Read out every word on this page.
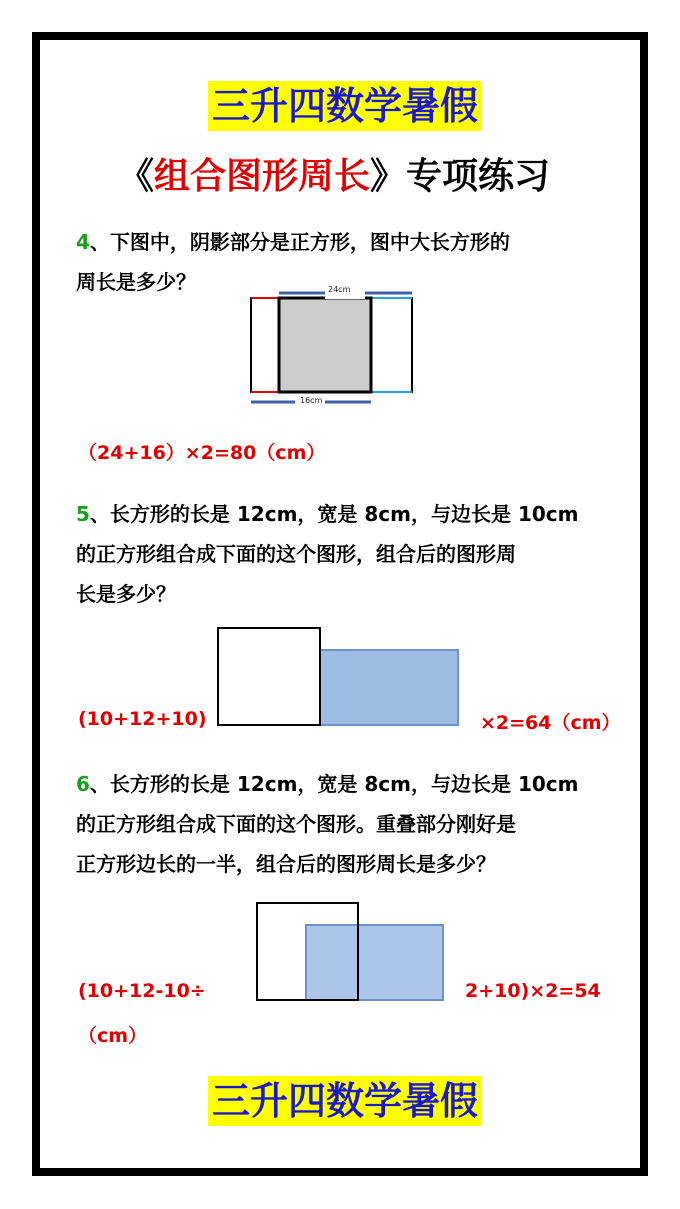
三升四数学暑假
《组合图形周长》专项练习
4、下图中，阴影部分是正方形，图中大长方形的
周长是多少？	24cm
16cm
（24+16）×2=80（cm）
5、长方形的长是 12cm，宽是 8cm，与边长是 10cm
的正方形组合成下面的这个图形，组合后的图形周
长是多少？
(10+12+10)	×2=64（cm）
6、长方形的长是 12cm，宽是 8cm，与边长是 10cm
的正方形组合成下面的这个图形。重叠部分刚好是
正方形边长的一半，组合后的图形周长是多少？
(10+12-10÷	2+10)×2=54
（cm）
三升四数学暑假
